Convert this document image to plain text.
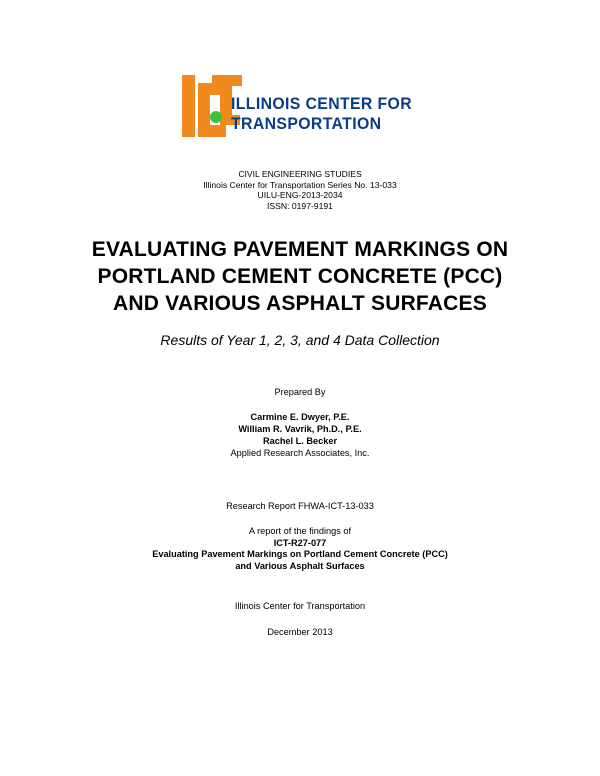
ILLINOIS CENTER FOR
TRANSPORTATION
CIVIL ENGINEERING STUDIES
Illinois Center for Transportation Series No. 13-033
UILU-ENG-2013-2034
ISSN: 0197-9191
EVALUATING PAVEMENT MARKINGS ON
PORTLAND CEMENT CONCRETE (PCC)
AND VARIOUS ASPHALT SURFACES
Results of Year 1, 2, 3, and 4 Data Collection
Prepared By
Carmine E. Dwyer, P.E.
William R. Vavrik, Ph.D., P.E.
Rachel L. Becker
Applied Research Associates, Inc.
Research Report FHWA-ICT-13-033
A report of the findings of
ICT-R27-077
Evaluating Pavement Markings on Portland Cement Concrete (PCC)
and Various Asphalt Surfaces
Illinois Center for Transportation
December 2013
